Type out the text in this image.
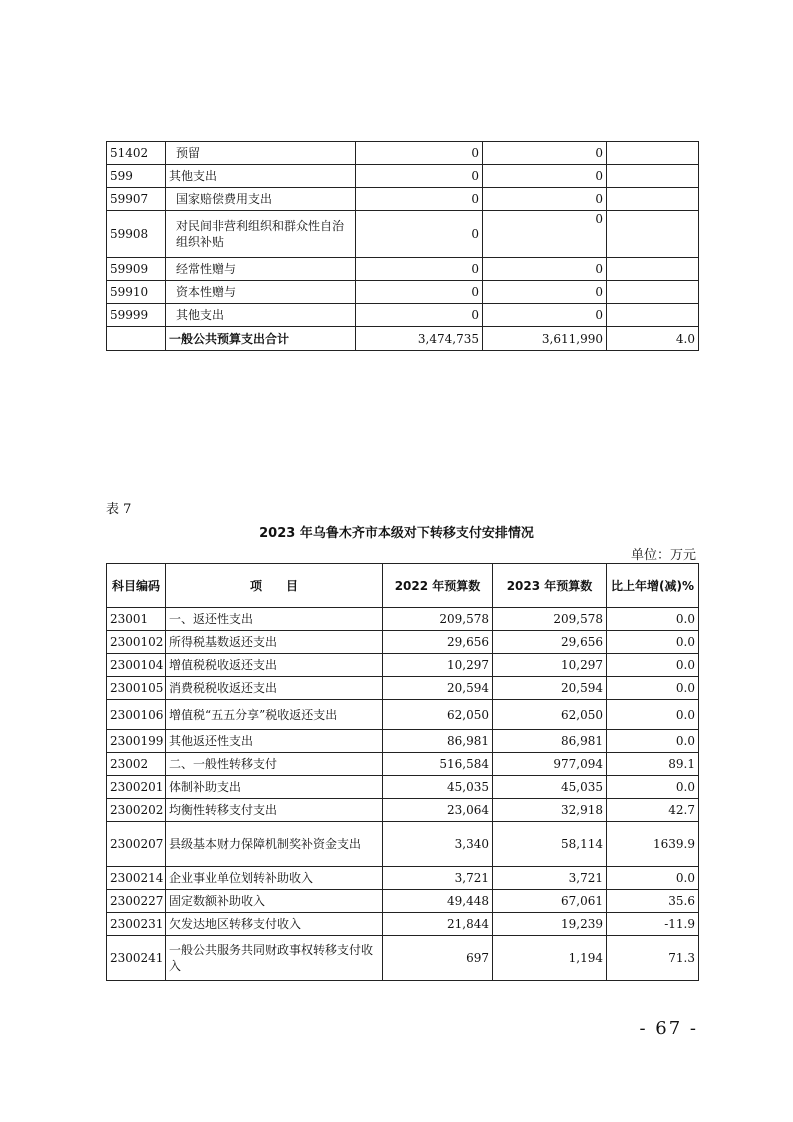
51402	预留	0	0	
599	其他支出	0	0	
59907	国家赔偿费用支出	0	0	
59908	对民间非营利组织和群众性自治组织补贴	0	0	
59909	经常性赠与	0	0	
59910	资本性赠与	0	0	
59999	其他支出	0	0	
	一般公共预算支出合计	3,474,735	3,611,990	4.0
表 7
2023 年乌鲁木齐市本级对下转移支付安排情况
单位：万元
科目编码	项　　目	2022 年预算数	2023 年预算数	比上年增(减)%
23001	一、返还性支出	209,578	209,578	0.0
2300102	所得税基数返还支出	29,656	29,656	0.0
2300104	增值税税收返还支出	10,297	10,297	0.0
2300105	消费税税收返还支出	20,594	20,594	0.0
2300106	增值税“五五分享”税收返还支出	62,050	62,050	0.0
2300199	其他返还性支出	86,981	86,981	0.0
23002	二、一般性转移支付	516,584	977,094	89.1
2300201	体制补助支出	45,035	45,035	0.0
2300202	均衡性转移支付支出	23,064	32,918	42.7
2300207	县级基本财力保障机制奖补资金支出	3,340	58,114	1639.9
2300214	企业事业单位划转补助收入	3,721	3,721	0.0
2300227	固定数额补助收入	49,448	67,061	35.6
2300231	欠发达地区转移支付收入	21,844	19,239	-11.9
2300241	一般公共服务共同财政事权转移支付收入	697	1,194	71.3
- 67 -
